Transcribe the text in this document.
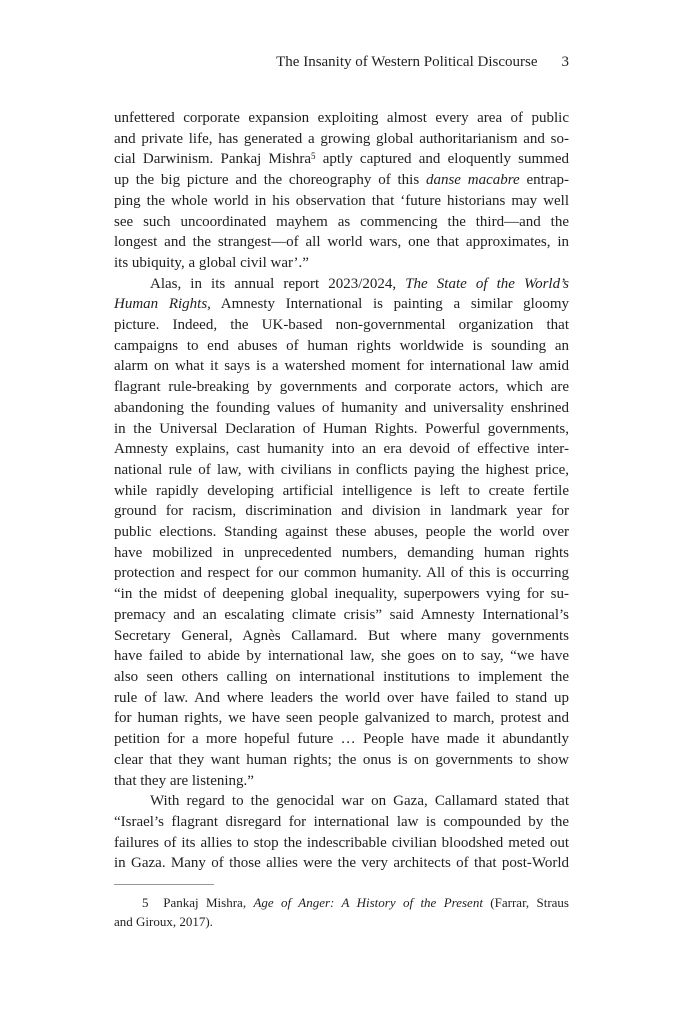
The Insanity of Western Political Discourse 3
unfettered corporate expansion exploiting almost every area of public
and private life, has generated a growing global authoritarianism and so-
cial Darwinism. Pankaj Mishra$^5$ aptly captured and eloquently summed
up the big picture and the choreography of this danse macabre entrap-
ping the whole world in his observation that ‘future historians may well
see such uncoordinated mayhem as commencing the third—and the
longest and the strangest—of all world wars, one that approximates, in
its ubiquity, a global civil war’.”
Alas, in its annual report 2023/2024, The State of the World’s
Human Rights, Amnesty International is painting a similar gloomy
picture. Indeed, the UK-based non-governmental organization that
campaigns to end abuses of human rights worldwide is sounding an
alarm on what it says is a watershed moment for international law amid
flagrant rule-breaking by governments and corporate actors, which are
abandoning the founding values of humanity and universality enshrined
in the Universal Declaration of Human Rights. Powerful governments,
Amnesty explains, cast humanity into an era devoid of effective inter-
national rule of law, with civilians in conflicts paying the highest price,
while rapidly developing artificial intelligence is left to create fertile
ground for racism, discrimination and division in landmark year for
public elections. Standing against these abuses, people the world over
have mobilized in unprecedented numbers, demanding human rights
protection and respect for our common humanity. All of this is occurring
“in the midst of deepening global inequality, superpowers vying for su-
premacy and an escalating climate crisis” said Amnesty International’s
Secretary General, Agnès Callamard. But where many governments
have failed to abide by international law, she goes on to say, “we have
also seen others calling on international institutions to implement the
rule of law. And where leaders the world over have failed to stand up
for human rights, we have seen people galvanized to march, protest and
petition for a more hopeful future … People have made it abundantly
clear that they want human rights; the onus is on governments to show
that they are listening.”
With regard to the genocidal war on Gaza, Callamard stated that
“Israel’s flagrant disregard for international law is compounded by the
failures of its allies to stop the indescribable civilian bloodshed meted out
in Gaza. Many of those allies were the very architects of that post-World
5  Pankaj Mishra, Age of Anger: A History of the Present (Farrar, Straus
and Giroux, 2017).
